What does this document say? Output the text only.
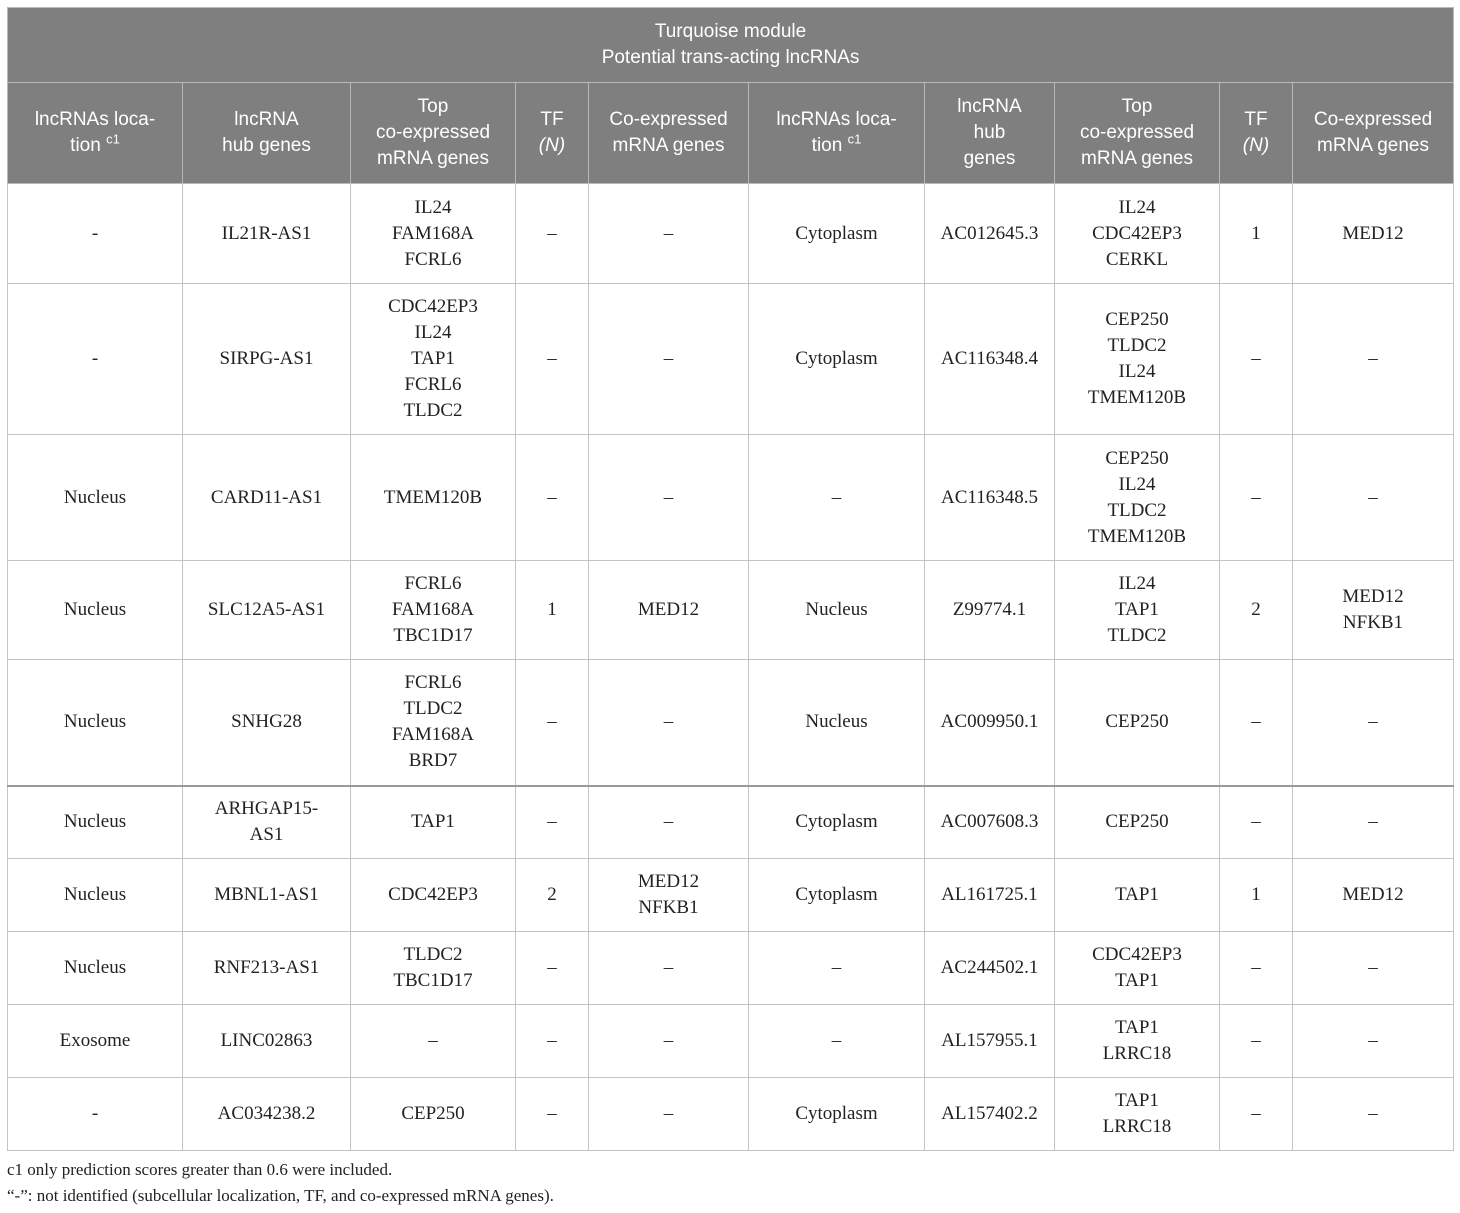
Turquoise module
Potential trans-acting lncRNAs									

lncRNAs loca-
tion $^{c1}$	lncRNA
hub genes	Top
co-expressed
mRNA genes	TF
(N)	Co-expressed
mRNA genes	lncRNAs loca-
tion $^{c1}$	lncRNA
hub
genes	Top
co-expressed
mRNA genes	TF
(N)	Co-expressed
mRNA genes

-	IL21R-AS1	IL24
FAM168A
FCRL6	–	–	Cytoplasm	AC012645.3	IL24
CDC42EP3
CERKL	1	MED12

-	SIRPG-AS1	CDC42EP3
IL24
TAP1
FCRL6
TLDC2	–	–	Cytoplasm	AC116348.4	CEP250
TLDC2
IL24
TMEM120B	–	–

Nucleus	CARD11-AS1	TMEM120B	–	–	–	AC116348.5	CEP250
IL24
TLDC2
TMEM120B	–	–

Nucleus	SLC12A5-AS1	FCRL6
FAM168A
TBC1D17	1	MED12	Nucleus	Z99774.1	IL24
TAP1
TLDC2	2	MED12
NFKB1

Nucleus	SNHG28	FCRL6
TLDC2
FAM168A
BRD7	–	–	Nucleus	AC009950.1	CEP250	–	–

Nucleus	ARHGAP15-
AS1	TAP1	–	–	Cytoplasm	AC007608.3	CEP250	–	–

Nucleus	MBNL1-AS1	CDC42EP3	2	MED12
NFKB1	Cytoplasm	AL161725.1	TAP1	1	MED12

Nucleus	RNF213-AS1	TLDC2
TBC1D17	–	–	–	AC244502.1	CDC42EP3
TAP1	–	–

Exosome	LINC02863	–	–	–	–	AL157955.1	TAP1
LRRC18	–	–

-	AC034238.2	CEP250	–	–	Cytoplasm	AL157402.2	TAP1
LRRC18	–	–
c1 only prediction scores greater than 0.6 were included.
“-”: not identified (subcellular localization, TF, and co-expressed mRNA genes).
